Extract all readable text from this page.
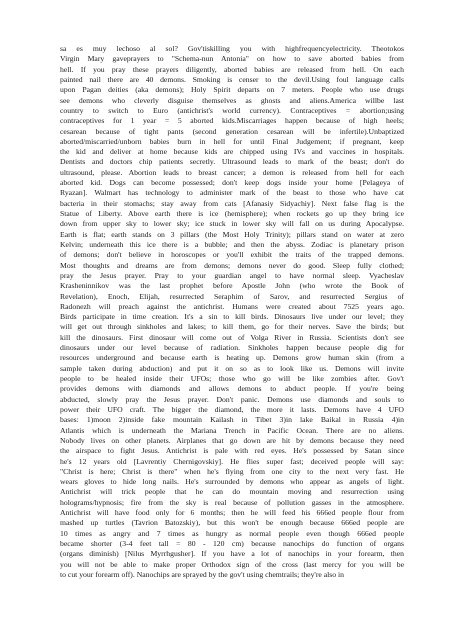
sa es muy lechoso al sol? Gov'tiskilling you with highfrequencyelectricity. Theotokos
Virgin Mary gaveprayers to "Schema-nun Antonia" on how to save aborted babies from
hell. If you pray these prayers diligently, aborted babies are released from hell. On each
painted nail there are 40 demons. Smoking is censer to the devil.Using foul language calls
upon Pagan deities (aka demons); Holy Spirit departs on 7 meters. People who use drugs
see demons who cleverly disguise themselves as ghosts and aliens.America willbe last
country to switch to Euro (antichrist's world currency). Contraceptives = abortion;using
contraceptives for 1 year = 5 aborted kids.Miscarriages happen because of high heels;
cesarean because of tight pants (second generation cesarean will be infertile).Unbaptized
aborted/miscarried/unborn babies burn in hell for until Final Judgement; if pregnant, keep
the kid and deliver at home because kids are chipped using IVs and vaccines in hospitals.
Dentists and doctors chip patients secretly. Ultrasound leads to mark of the beast; don't do
ultrasound, please. Abortion leads to breast cancer; a demon is released from hell for each
aborted kid. Dogs can become possessed; don't keep dogs inside your home [Pelageya of
Ryazan]. Walmart has technology to administer mark of the beast to those who have cat
bacteria in their stomachs; stay away from cats [Afanasiy Sidyachiy]. Next false flag is the
Statue of Liberty. Above earth there is ice (hemisphere); when rockets go up they bring ice
down from upper sky to lower sky; ice stuck in lower sky will fall on us during Apocalypse.
Earth is flat; earth stands on 3 pillars (the Most Holy Trinity); pillars stand on water at zero
Kelvin; underneath this ice there is a bubble; and then the abyss. Zodiac is planetary prison
of demons; don't believe in horoscopes or you'll exhibit the traits of the trapped demons.
Most thoughts and dreams are from demons; demons never do good. Sleep fully clothed;
pray the Jesus prayer. Pray to your guardian angel to have normal sleep. Vyacheslav
Krasheninnikov was the last prophet before Apostle John (who wrote the Book of
Revelation), Enoch, Elijah, resurrected Seraphim of Sarov, and resurrected Sergius of
Radonezh will preach against the antichrist. Humans were created about 7525 years ago.
Birds participate in time creation. It's a sin to kill birds. Dinosaurs live under our level; they
will get out through sinkholes and lakes; to kill them, go for their nerves. Save the birds; but
kill the dinosaurs. First dinosaur will come out of Volga River in Russia. Scientists don't see
dinosaurs under our level because of radiation. Sinkholes happen because people dig for
resources underground and because earth is heating up. Demons grow human skin (from a
sample taken during abduction) and put it on so as to look like us. Demons will invite
people to be healed inside their UFOs; those who go will be like zombies after. Gov't
provides demons with diamonds and allows demons to abduct people. If you're being
abducted, slowly pray the Jesus prayer. Don't panic. Demons use diamonds and souls to
power their UFO craft. The bigger the diamond, the more it lasts. Demons have 4 UFO
bases: 1)moon 2)inside fake mountain Kailash in Tibet 3)in lake Baikal in Russia 4)in
Atlantis which is underneath the Mariana Trench in Pacific Ocean. There are no aliens.
Nobody lives on other planets. Airplanes that go down are hit by demons because they need
the airspace to fight Jesus. Antichrist is pale with red eyes. He's possessed by Satan since
he's 12 years old [Lavrentiy Chernigovskiy]. He flies super fast; deceived people will say:
"Christ is here; Christ is there" when he's flying from one city to the next very fast. He
wears gloves to hide long nails. He's surrounded by demons who appear as angels of light.
Antichrist will trick people that he can do mountain moving and resurrection using
holograms/hypnosis; fire from the sky is real because of pollution gasses in the atmosphere.
Antichrist will have food only for 6 months; then he will feed his 666ed people flour from
mashed up turtles (Tavrion Batozskiy), but this won't be enough because 666ed people are
10 times as angry and 7 times as hungry as normal people even though 666ed people
became shorter (3-4 feet tall = 80 - 120 cm) because nanochips do function of organs
(organs diminish) [Nilus Myrrhgusher]. If you have a lot of nanochips in your forearm, then
you will not be able to make proper Orthodox sign of the cross (last mercy for you will be
to cut your forearm off). Nanochips are sprayed by the gov't using chemtrails; they're also in
